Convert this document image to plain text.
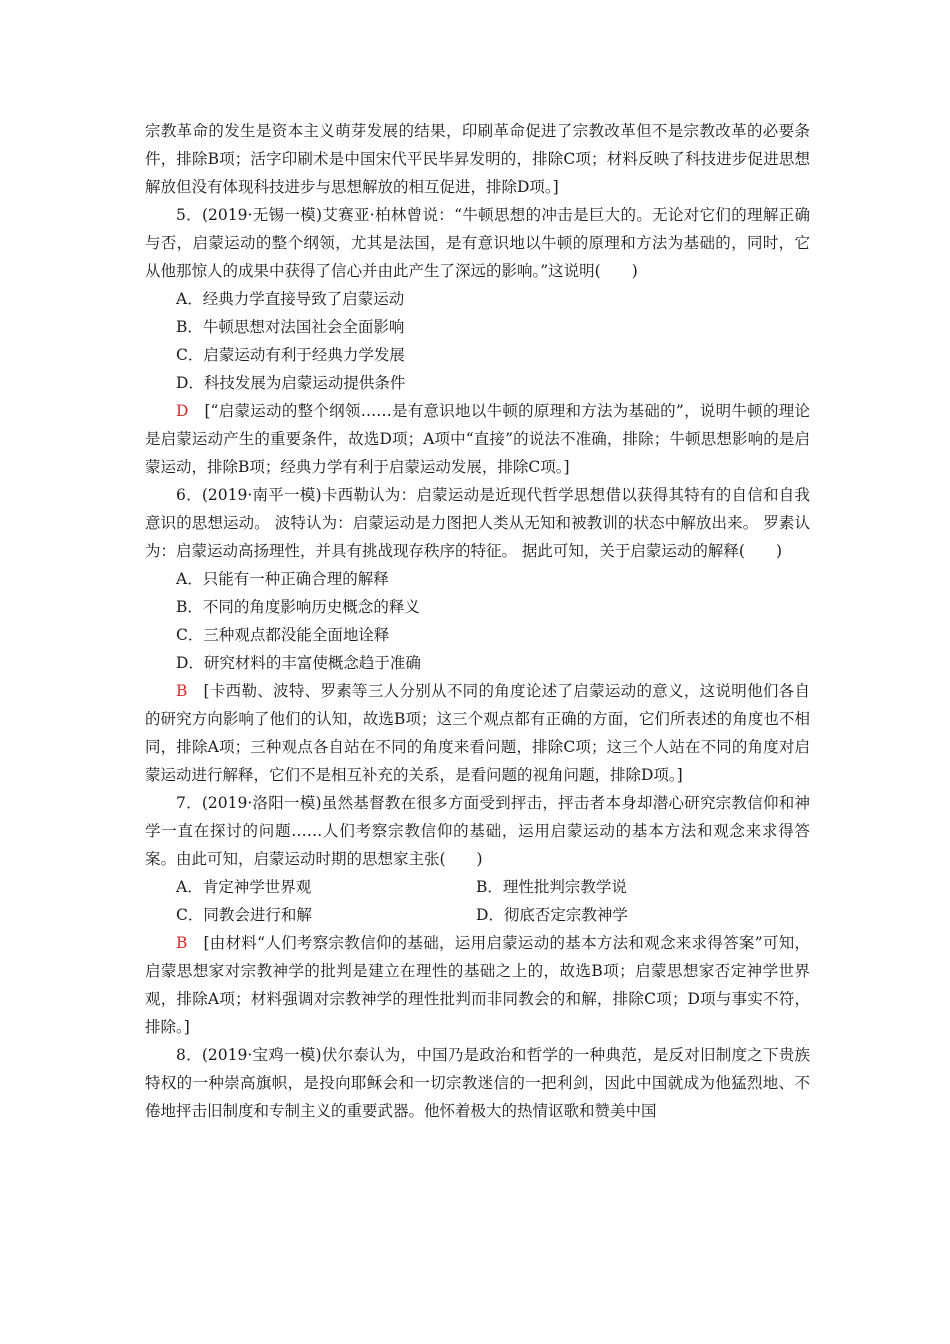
宗教革命的发生是资本主义萌芽发展的结果，印刷革命促进了宗教改革但不是宗教改革的必要条件，排除B项；活字印刷术是中国宋代平民毕昇发明的，排除C项；材料反映了科技进步促进思想解放但没有体现科技进步与思想解放的相互促进，排除D项。]

5．(2019·无锡一模)艾赛亚·柏林曾说：“牛顿思想的冲击是巨大的。无论对它们的理解正确与否，启蒙运动的整个纲领，尤其是法国，是有意识地以牛顿的原理和方法为基础的，同时，它从他那惊人的成果中获得了信心并由此产生了深远的影响。”这说明(　　)

A．经典力学直接导致了启蒙运动

B．牛顿思想对法国社会全面影响

C．启蒙运动有利于经典力学发展

D．科技发展为启蒙运动提供条件

D　[“启蒙运动的整个纲领……是有意识地以牛顿的原理和方法为基础的”，说明牛顿的理论是启蒙运动产生的重要条件，故选D项；A项中“直接”的说法不准确，排除；牛顿思想影响的是启蒙运动，排除B项；经典力学有利于启蒙运动发展，排除C项。]

6．(2019·南平一模)卡西勒认为：启蒙运动是近现代哲学思想借以获得其特有的自信和自我意识的思想运动。 波特认为：启蒙运动是力图把人类从无知和被教训的状态中解放出来。 罗素认为：启蒙运动高扬理性，并具有挑战现存秩序的特征。 据此可知，关于启蒙运动的解释(　　)

A．只能有一种正确合理的解释

B．不同的角度影响历史概念的释义

C．三种观点都没能全面地诠释

D．研究材料的丰富使概念趋于准确

B　[卡西勒、波特、罗素等三人分别从不同的角度论述了启蒙运动的意义，这说明他们各自的研究方向影响了他们的认知，故选B项；这三个观点都有正确的方面，它们所表述的角度也不相同，排除A项；三种观点各自站在不同的角度来看问题，排除C项；这三个人站在不同的角度对启蒙运动进行解释，它们不是相互补充的关系，是看问题的视角问题，排除D项。]

7．(2019·洛阳一模)虽然基督教在很多方面受到抨击，抨击者本身却潜心研究宗教信仰和神学一直在探讨的问题……人们考察宗教信仰的基础，运用启蒙运动的基本方法和观念来求得答案。由此可知，启蒙运动时期的思想家主张(　　)

A．肯定神学世界观	B．理性批判宗教学说
C．同教会进行和解	D．彻底否定宗教神学

B　[由材料“人们考察宗教信仰的基础，运用启蒙运动的基本方法和观念来求得答案”可知，启蒙思想家对宗教神学的批判是建立在理性的基础之上的，故选B项；启蒙思想家否定神学世界观，排除A项；材料强调对宗教神学的理性批判而非同教会的和解，排除C项；D项与事实不符，排除。]

8．(2019·宝鸡一模)伏尔泰认为，中国乃是政治和哲学的一种典范，是反对旧制度之下贵族特权的一种崇高旗帜，是投向耶稣会和一切宗教迷信的一把利剑，因此中国就成为他猛烈地、不倦地抨击旧制度和专制主义的重要武器。他怀着极大的热情讴歌和赞美中国
